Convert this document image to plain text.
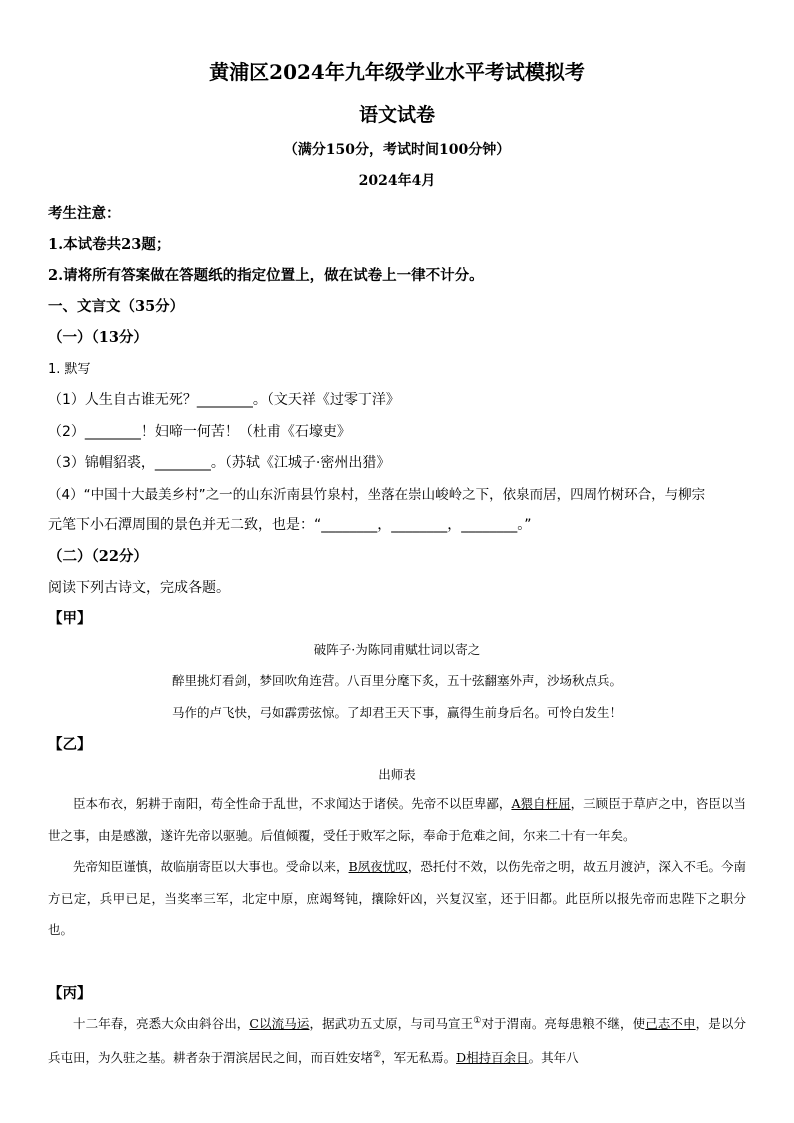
黄浦区2024年九年级学业水平考试模拟考
语文试卷
（满分150分，考试时间100分钟）
2024年4月
考生注意：
1.本试卷共23题；
2.请将所有答案做在答题纸的指定位置上，做在试卷上一律不计分。
一、文言文（35分）
（一）（13分）
1. 默写
（1）人生自古谁无死？________。（文天祥《过零丁洋》
（2）________！妇啼一何苦！（杜甫《石壕吏》
（3）锦帽貂裘，________。（苏轼《江城子·密州出猎》
（4）“中国十大最美乡村”之一的山东沂南县竹泉村，坐落在崇山峻岭之下，依泉而居，四周竹树环合，与柳宗
元笔下小石潭周围的景色并无二致，也是：“________，________，________。”
（二）（22分）
阅读下列古诗文，完成各题。
【甲】
破阵子·为陈同甫赋壮词以寄之
醉里挑灯看剑，梦回吹角连营。八百里分麾下炙，五十弦翻塞外声，沙场秋点兵。
马作的卢飞快，弓如霹雳弦惊。了却君王天下事，赢得生前身后名。可怜白发生！
【乙】
出师表

臣本布衣，躬耕于南阳，苟全性命于乱世，不求闻达于诸侯。先帝不以臣卑鄙，A猥自枉屈，三顾臣于草庐之中，咨臣以当世之事，由是感激，遂许先帝以驱驰。后值倾覆，受任于败军之际，奉命于危难之间，尔来二十有一年矣。

先帝知臣谨慎，故临崩寄臣以大事也。受命以来，B夙夜忧叹，恐托付不效，以伤先帝之明，故五月渡泸，深入不毛。今南方已定，兵甲已足，当奖率三军，北定中原，庶竭驽钝，攘除奸凶，兴复汉室，还于旧都。此臣所以报先帝而忠陛下之职分也。

【丙】

十二年春，亮悉大众由斜谷出，C以流马运，据武功五丈原，与司马宣王①对于渭南。亮每患粮不继，使己志不申，是以分兵屯田，为久驻之基。耕者杂于渭滨居民之间，而百姓安堵②，军无私焉。D相持百余日。其年八
